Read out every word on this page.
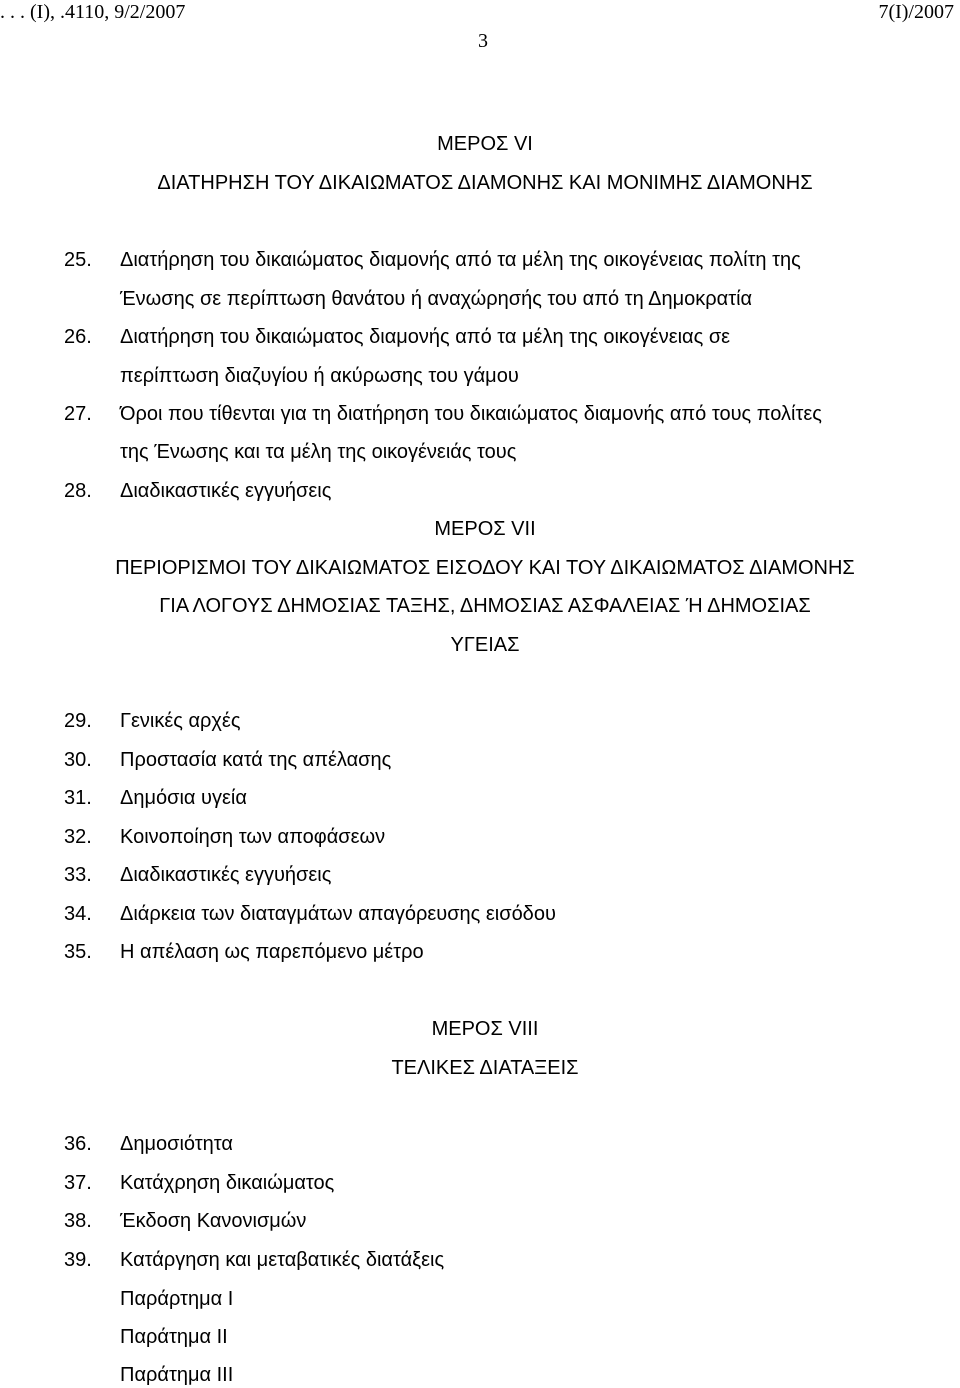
. . . (Ι), .4110, 9/2/2007	7(Ι)/2007
3
ΜΕΡΟΣ VI
ΔΙΑΤΗΡΗΣΗ ΤΟΥ ΔΙΚΑΙΩΜΑΤΟΣ ΔΙΑΜΟΝΗΣ ΚΑΙ ΜΟΝΙΜΗΣ ΔΙΑΜΟΝΗΣ
25. Διατήρηση του δικαιώματος διαμονής από τα μέλη της οικογένειας πολίτη της
Ένωσης σε περίπτωση θανάτου ή αναχώρησής του από τη Δημοκρατία
26. Διατήρηση του δικαιώματος διαμονής από τα μέλη της οικογένειας σε
περίπτωση διαζυγίου ή ακύρωσης του γάμου
27. Όροι που τίθενται για τη διατήρηση του δικαιώματος διαμονής από τους πολίτες
της Ένωσης και τα μέλη της οικογένειάς τους
28. Διαδικαστικές εγγυήσεις
ΜΕΡΟΣ VII
ΠΕΡΙΟΡΙΣΜΟΙ ΤΟΥ ΔΙΚΑΙΩΜΑΤΟΣ ΕΙΣΟΔΟΥ ΚΑΙ ΤΟΥ ΔΙΚΑΙΩΜΑΤΟΣ ΔΙΑΜΟΝΗΣ
ΓΙΑ ΛΟΓΟΥΣ ΔΗΜΟΣΙΑΣ ΤΑΞΗΣ, ΔΗΜΟΣΙΑΣ ΑΣΦΑΛΕΙΑΣ Ή ΔΗΜΟΣΙΑΣ
ΥΓΕΙΑΣ
29. Γενικές αρχές
30. Προστασία κατά της απέλασης
31. Δημόσια υγεία
32. Κοινοποίηση των αποφάσεων
33. Διαδικαστικές εγγυήσεις
34. Διάρκεια των διαταγμάτων απαγόρευσης εισόδου
35. Η απέλαση ως παρεπόμενο μέτρο
ΜΕΡΟΣ VIII
ΤΕΛΙΚΕΣ ΔΙΑΤΑΞΕΙΣ
36. Δημοσιότητα
37. Κατάχρηση δικαιώματος
38. Έκδοση Κανονισμών
39. Κατάργηση και μεταβατικές διατάξεις
Παράρτημα Ι
Παράτημα ΙΙ
Παράτημα ΙΙΙ
